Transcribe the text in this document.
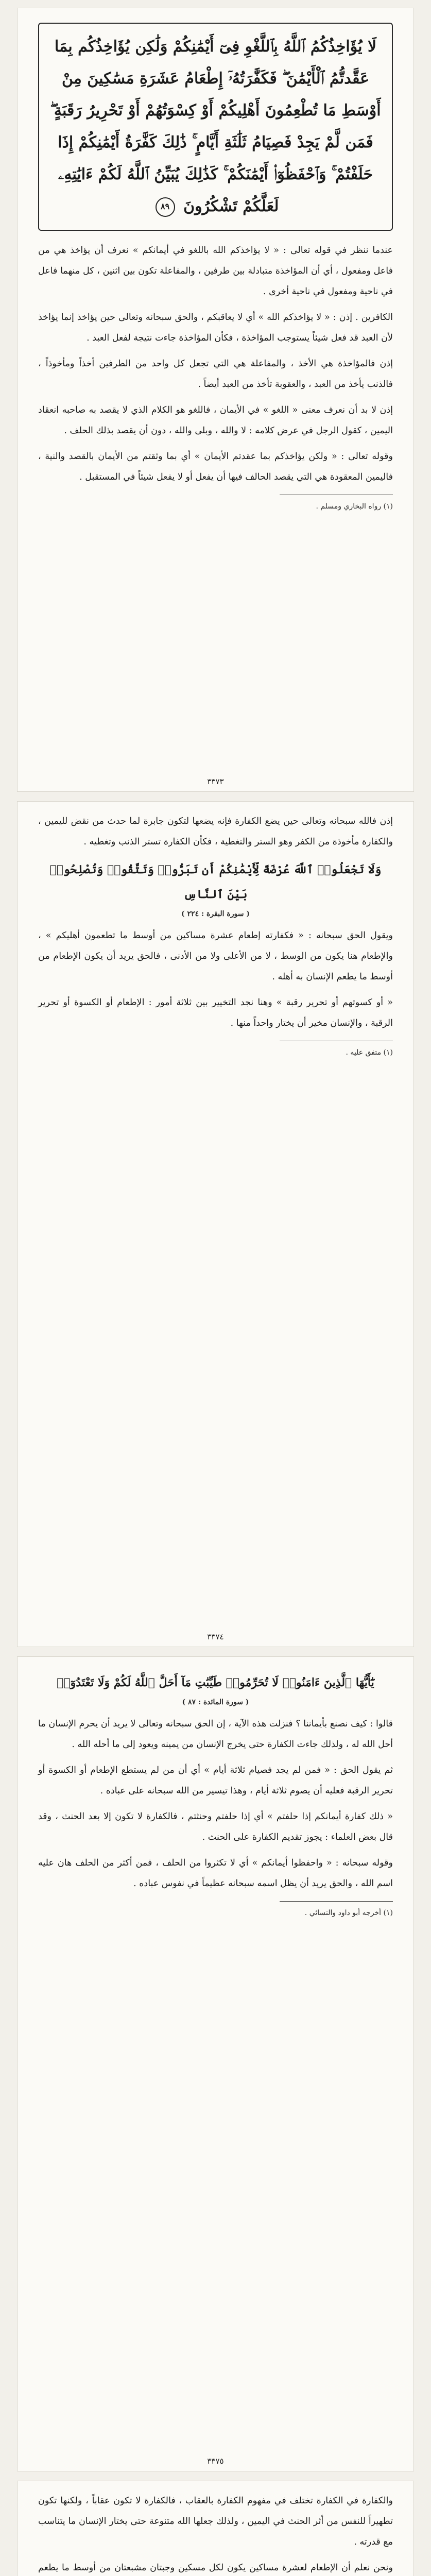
لَا يُؤَاخِذُكُمُ ٱللَّهُ بِٱللَّغْوِ فِىٓ أَيْمَٰنِكُمْ وَلَٰكِن يُؤَاخِذُكُم بِمَا عَقَّدتُّمُ ٱلْأَيْمَٰنَ ۖ فَكَفَّٰرَتُهُۥٓ إِطْعَامُ عَشَرَةِ مَسَٰكِينَ مِنْ أَوْسَطِ مَا تُطْعِمُونَ أَهْلِيكُمْ أَوْ كِسْوَتُهُمْ أَوْ تَحْرِيرُ رَقَبَةٍ ۖ فَمَن لَّمْ يَجِدْ فَصِيَامُ ثَلَٰثَةِ أَيَّامٍ ۚ ذَٰلِكَ كَفَّٰرَةُ أَيْمَٰنِكُمْ إِذَا حَلَفْتُمْ ۚ وَٱحْفَظُوٓا۟ أَيْمَٰنَكُمْ ۚ كَذَٰلِكَ يُبَيِّنُ ٱللَّهُ لَكُمْ ءَايَٰتِهِۦ لَعَلَّكُمْ تَشْكُرُونَ ٨٩

عندما ننظر في قوله تعالى : « لا يؤاخذكم الله باللغو في أيمانكم » نعرف أن يؤاخذ هي من فاعل ومفعول ، أي أن المؤاخذة متبادلة بين طرفين ، والمفاعلة تكون بين اثنين ، كل منهما فاعل في ناحية ومفعول في ناحية أخرى .

الكافرين . إذن : « لا يؤاخذكم الله » أي لا يعاقبكم ، والحق سبحانه وتعالى حين يؤاخذ إنما يؤاخذ لأن العبد قد فعل شيئاً يستوجب المؤاخذة ، فكأن المؤاخذة جاءت نتيجة لفعل العبد .

إذن فالمؤاخذة هي الأخذ ، والمفاعلة هي التي تجعل كل واحد من الطرفين أخذاً ومأخوذاً ، فالذنب يأخذ من العبد ، والعقوبة تأخذ من العبد أيضاً .

إذن لا بد أن نعرف معنى « اللغو » في الأيمان ، فاللغو هو الكلام الذي لا يقصد به صاحبه انعقاد اليمين ، كقول الرجل في عرض كلامه : لا والله ، وبلى والله ، دون أن يقصد بذلك الحلف .

وقوله تعالى : « ولكن يؤاخذكم بما عقدتم الأيمان » أي بما وثقتم من الأيمان بالقصد والنية ، فاليمين المعقودة هي التي يقصد الحالف فيها أن يفعل أو لا يفعل شيئاً في المستقبل .

(١) رواه البخاري ومسلم .
٣٣٧٣

إذن فالله سبحانه وتعالى حين يضع الكفارة فإنه يضعها لتكون جابرة لما حدث من نقض لليمين ، والكفارة مأخوذة من الكفر وهو الستر والتغطية ، فكأن الكفارة تستر الذنب وتغطيه .

وَلَا تَجْعَلُوا۟ ٱللَّهَ عُرْضَةً لِّأَيْمَٰنِكُمْ أَن تَبَرُّوا۟ وَتَتَّقُوا۟ وَتُصْلِحُوا۟ بَيْنَ ٱلنَّاسِ
( سورة البقرة : ٢٢٤ )

ويقول الحق سبحانه : « فكفارته إطعام عشرة مساكين من أوسط ما تطعمون أهليكم » ، والإطعام هنا يكون من الوسط ، لا من الأعلى ولا من الأدنى ، فالحق يريد أن يكون الإطعام من أوسط ما يطعم الإنسان به أهله .

« أو كسوتهم أو تحرير رقبة » وهنا نجد التخيير بين ثلاثة أمور : الإطعام أو الكسوة أو تحرير الرقبة ، والإنسان مخير أن يختار واحداً منها .

(١) متفق عليه .
٣٣٧٤
يَٰٓأَيُّهَا ٱلَّذِينَ ءَامَنُوا۟ لَا تُحَرِّمُوا۟ طَيِّبَٰتِ مَآ أَحَلَّ ٱللَّهُ لَكُمْ وَلَا تَعْتَدُوٓا۟
( سورة المائدة : ٨٧ )

قالوا : كيف نصنع بأيماننا ؟ فنزلت هذه الآية ، إن الحق سبحانه وتعالى لا يريد أن يحرم الإنسان ما أحل الله له ، ولذلك جاءت الكفارة حتى يخرج الإنسان من يمينه ويعود إلى ما أحله الله .

ثم يقول الحق : « فمن لم يجد فصيام ثلاثة أيام » أي أن من لم يستطع الإطعام أو الكسوة أو تحرير الرقبة فعليه أن يصوم ثلاثة أيام ، وهذا تيسير من الله سبحانه على عباده .

« ذلك كفارة أيمانكم إذا حلفتم » أي إذا حلفتم وحنثتم ، فالكفارة لا تكون إلا بعد الحنث ، وقد قال بعض العلماء : يجوز تقديم الكفارة على الحنث .

وقوله سبحانه : « واحفظوا أيمانكم » أي لا تكثروا من الحلف ، فمن أكثر من الحلف هان عليه اسم الله ، والحق يريد أن يظل اسمه سبحانه عظيماً في نفوس عباده .

(١) أخرجه أبو داود والنسائي .
٣٣٧٥

والكفارة في الكفارة تختلف في مفهوم الكفارة بالعقاب ، فالكفارة لا تكون عقاباً ، ولكنها تكون تطهيراً للنفس من أثر الحنث في اليمين ، ولذلك جعلها الله متنوعة حتى يختار الإنسان ما يتناسب مع قدرته .

ونحن نعلم أن الإطعام لعشرة مساكين يكون لكل مسكين وجبتان مشبعتان من أوسط ما يطعم
